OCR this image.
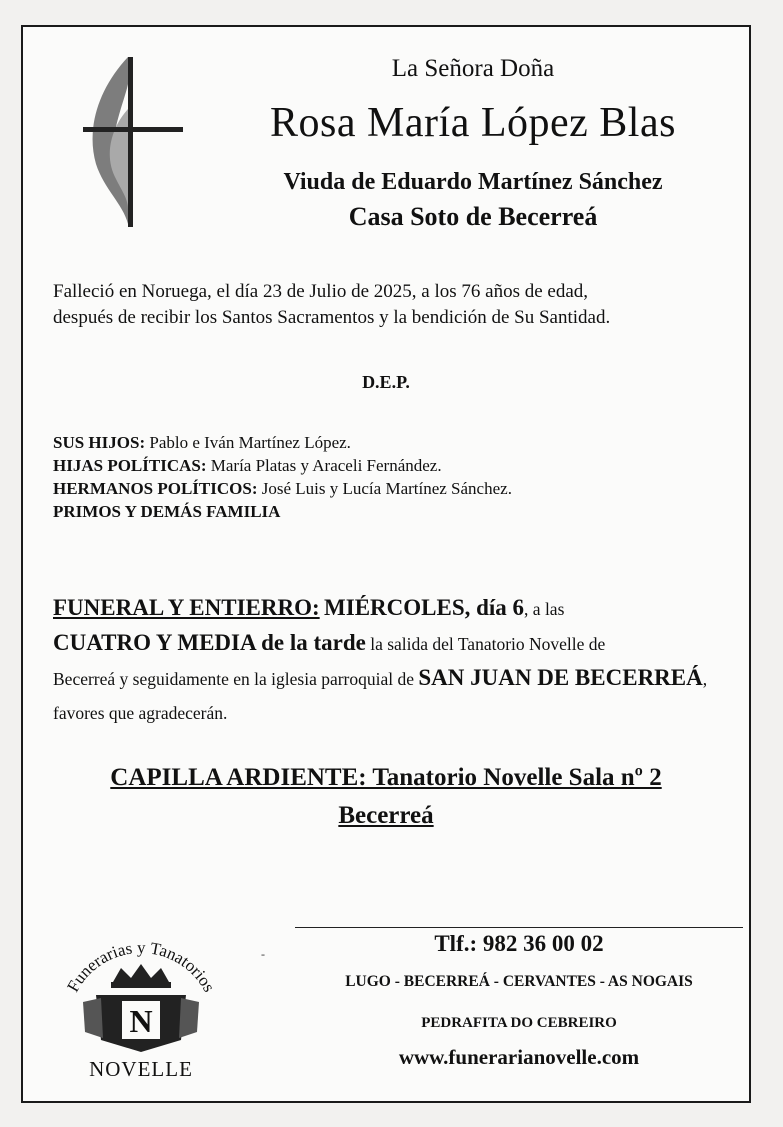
La Señora Doña
Rosa María López Blas
Viuda de Eduardo Martínez Sánchez
Casa Soto de Becerreá
Falleció en Noruega, el día 23 de Julio de 2025, a los 76 años de edad,
después de recibir los Santos Sacramentos y la bendición de Su Santidad.
D.E.P.
SUS HIJOS: Pablo e Iván Martínez López.
HIJAS POLÍTICAS: María Platas y Araceli Fernández.
HERMANOS POLÍTICOS: José Luis y Lucía Martínez Sánchez.
PRIMOS Y DEMÁS FAMILIA
FUNERAL Y ENTIERRO: MIÉRCOLES, día 6, a las
CUATRO Y MEDIA de la tarde la salida del Tanatorio Novelle de
Becerreá y seguidamente en la iglesia parroquial de SAN JUAN DE BECERREÁ, favores que agradecerán.
CAPILLA ARDIENTE: Tanatorio Novelle Sala nº 2
Becerreá
Funerarias y Tanatorios
N
NOVELLE
-	Tlf.: 982 36 00 02
LUGO - BECERREÁ - CERVANTES - AS NOGAIS
PEDRAFITA DO CEBREIRO
www.funerarianovelle.com
